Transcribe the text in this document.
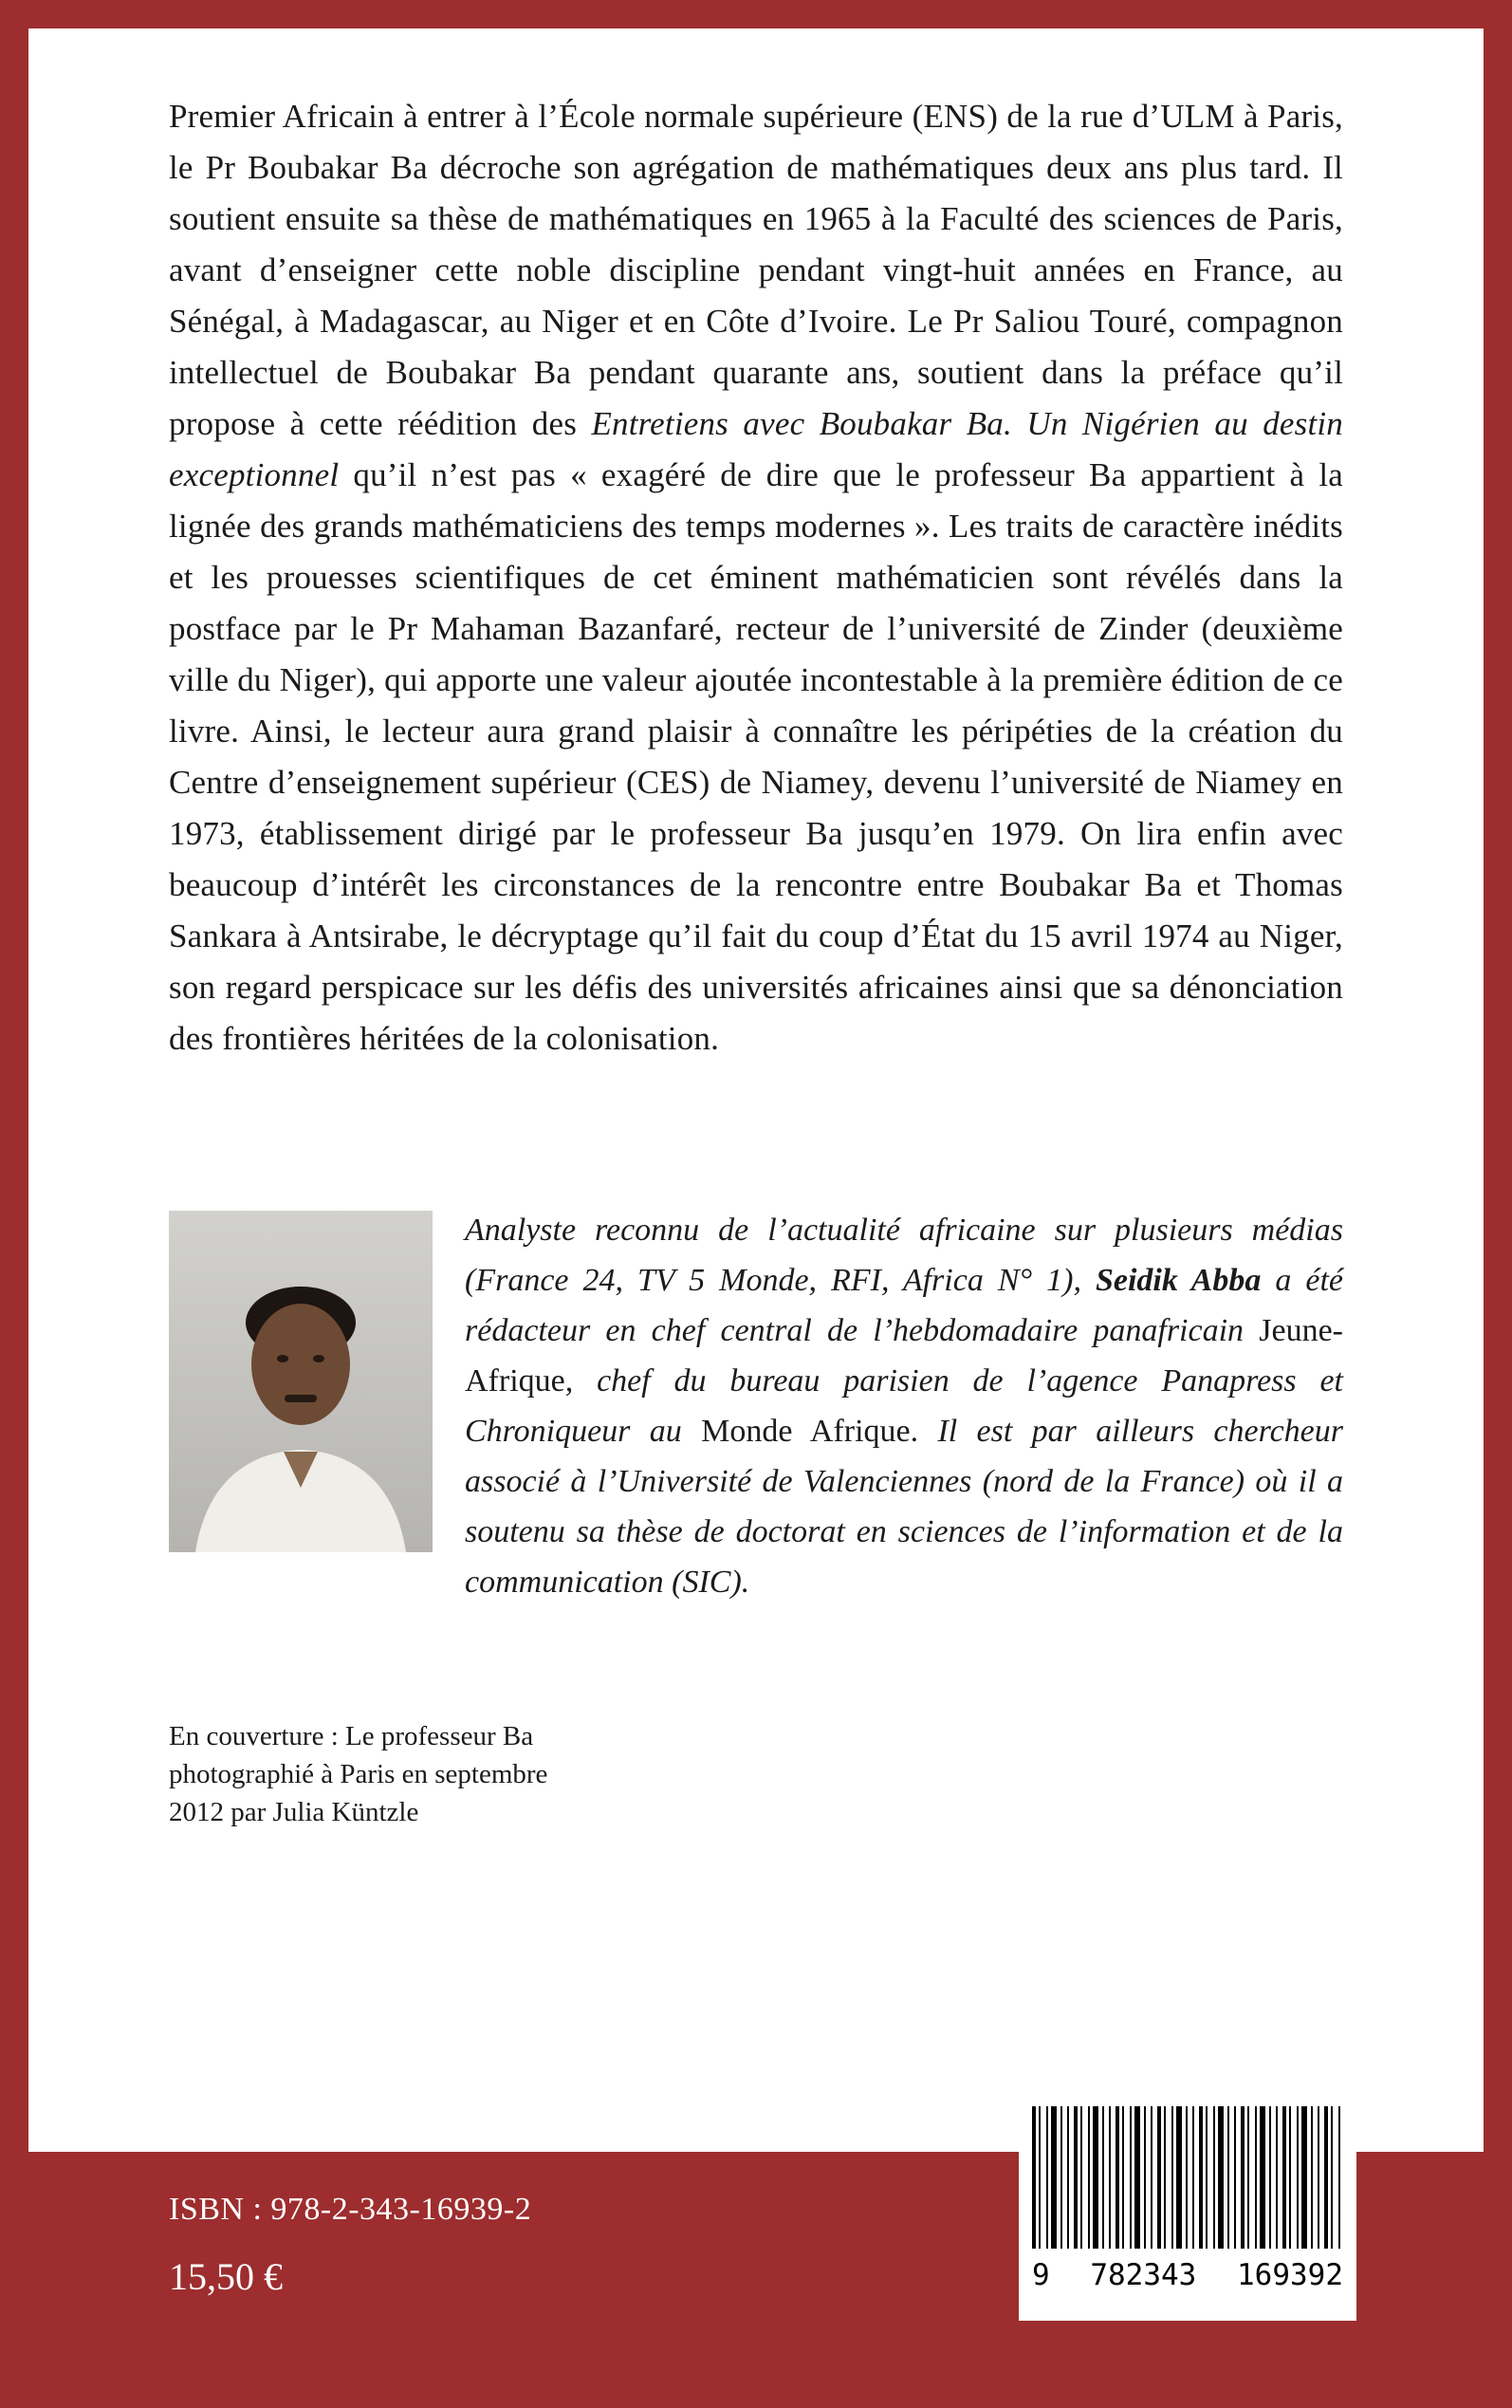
Premier Africain à entrer à l’École normale supérieure (ENS) de la rue d’ULM à Paris, le Pr Boubakar Ba décroche son agrégation de mathématiques deux ans plus tard. Il soutient ensuite sa thèse de mathématiques en 1965 à la Faculté des sciences de Paris, avant d’enseigner cette noble discipline pendant vingt-huit années en France, au Sénégal, à Madagascar, au Niger et en Côte d’Ivoire. Le Pr Saliou Touré, compagnon intellectuel de Boubakar Ba pendant quarante ans, soutient dans la préface qu’il propose à cette réédition des Entretiens avec Boubakar Ba. Un Nigérien au destin exceptionnel qu’il n’est pas « exagéré de dire que le professeur Ba appartient à la lignée des grands mathématiciens des temps modernes ». Les traits de caractère inédits et les prouesses scientifiques de cet éminent mathématicien sont révélés dans la postface par le Pr Mahaman Bazanfaré, recteur de l’université de Zinder (deuxième ville du Niger), qui apporte une valeur ajoutée incontestable à la première édition de ce livre. Ainsi, le lecteur aura grand plaisir à connaître les péripéties de la création du Centre d’enseignement supérieur (CES) de Niamey, devenu l’université de Niamey en 1973, établissement dirigé par le professeur Ba jusqu’en 1979. On lira enfin avec beaucoup d’intérêt les circonstances de la rencontre entre Boubakar Ba et Thomas Sankara à Antsirabe, le décryptage qu’il fait du coup d’État du 15 avril 1974 au Niger, son regard perspicace sur les défis des universités africaines ainsi que sa dénonciation des frontières héritées de la colonisation.

Analyste reconnu de l’actualité africaine sur plusieurs médias (France 24, TV 5 Monde, RFI, Africa N° 1), Seidik Abba a été rédacteur en chef central de l’hebdomadaire panafricain Jeune-Afrique, chef du bureau parisien de l’agence Panapress et Chroniqueur au Monde Afrique. Il est par ailleurs chercheur associé à l’Université de Valenciennes (nord de la France) où il a soutenu sa thèse de doctorat en sciences de l’information et de la communication (SIC).

En couverture : Le professeur Ba
photographié à Paris en septembre
2012 par Julia Küntzle
ISBN : 978-2-343-16939-2
15,50 €	9 782343 169392
